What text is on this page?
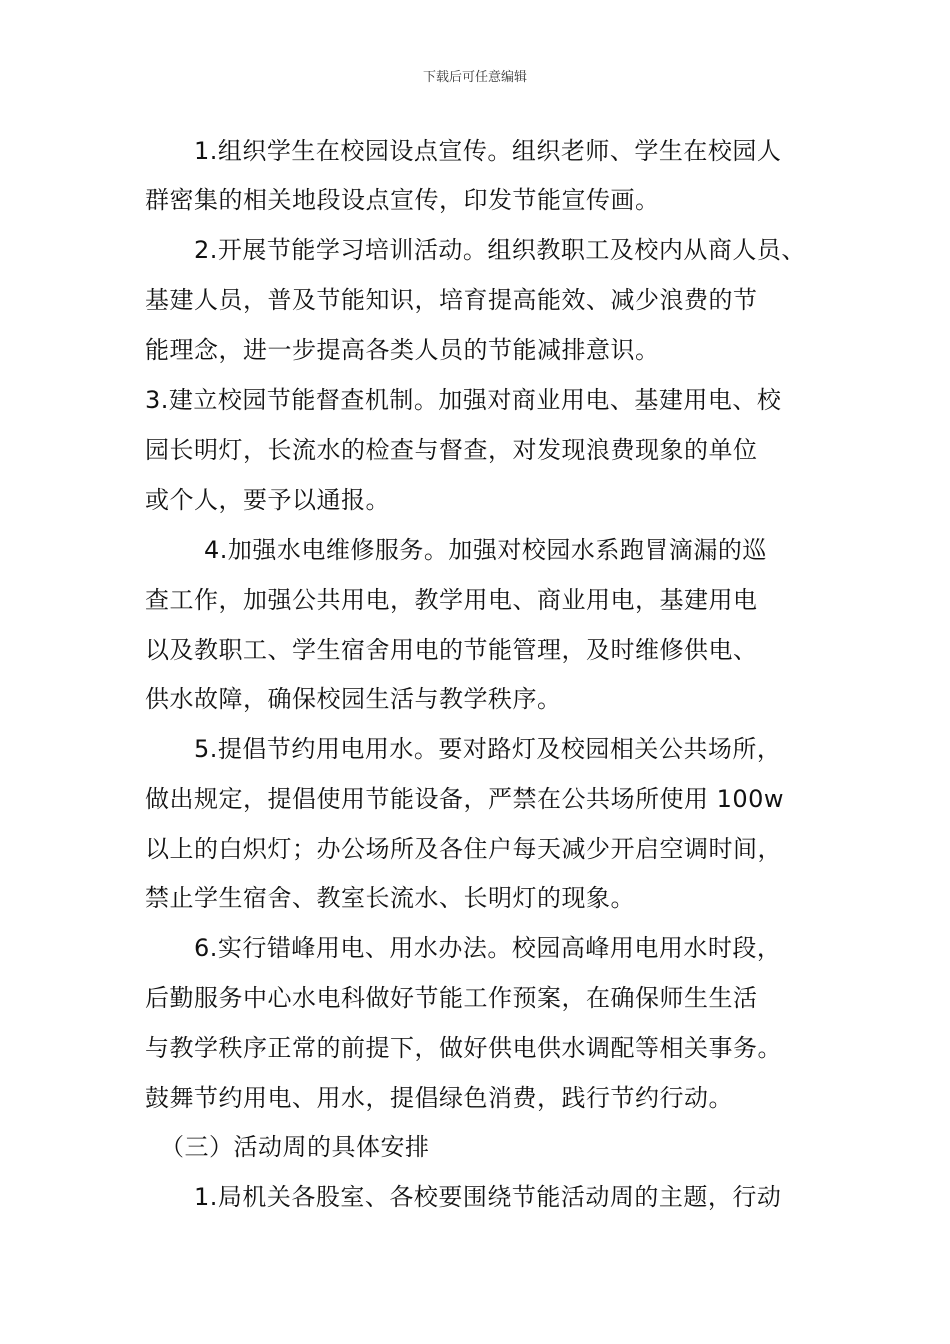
下载后可任意编辑
1.组织学生在校园设点宣传。组织老师、学生在校园人
群密集的相关地段设点宣传，印发节能宣传画。
2.开展节能学习培训活动。组织教职工及校内从商人员、
基建人员，普及节能知识，培育提高能效、减少浪费的节
能理念，进一步提高各类人员的节能减排意识。
3.建立校园节能督查机制。加强对商业用电、基建用电、校
园长明灯，长流水的检查与督查，对发现浪费现象的单位
或个人，要予以通报。
4.加强水电维修服务。加强对校园水系跑冒滴漏的巡
查工作，加强公共用电，教学用电、商业用电，基建用电
以及教职工、学生宿舍用电的节能管理，及时维修供电、
供水故障，确保校园生活与教学秩序。
5.提倡节约用电用水。要对路灯及校园相关公共场所，
做出规定，提倡使用节能设备，严禁在公共场所使用 100w
以上的白炽灯；办公场所及各住户每天减少开启空调时间，
禁止学生宿舍、教室长流水、长明灯的现象。
6.实行错峰用电、用水办法。校园高峰用电用水时段，
后勤服务中心水电科做好节能工作预案，在确保师生生活
与教学秩序正常的前提下，做好供电供水调配等相关事务。
鼓舞节约用电、用水，提倡绿色消费，践行节约行动。
（三）活动周的具体安排
1.局机关各股室、各校要围绕节能活动周的主题，行动
